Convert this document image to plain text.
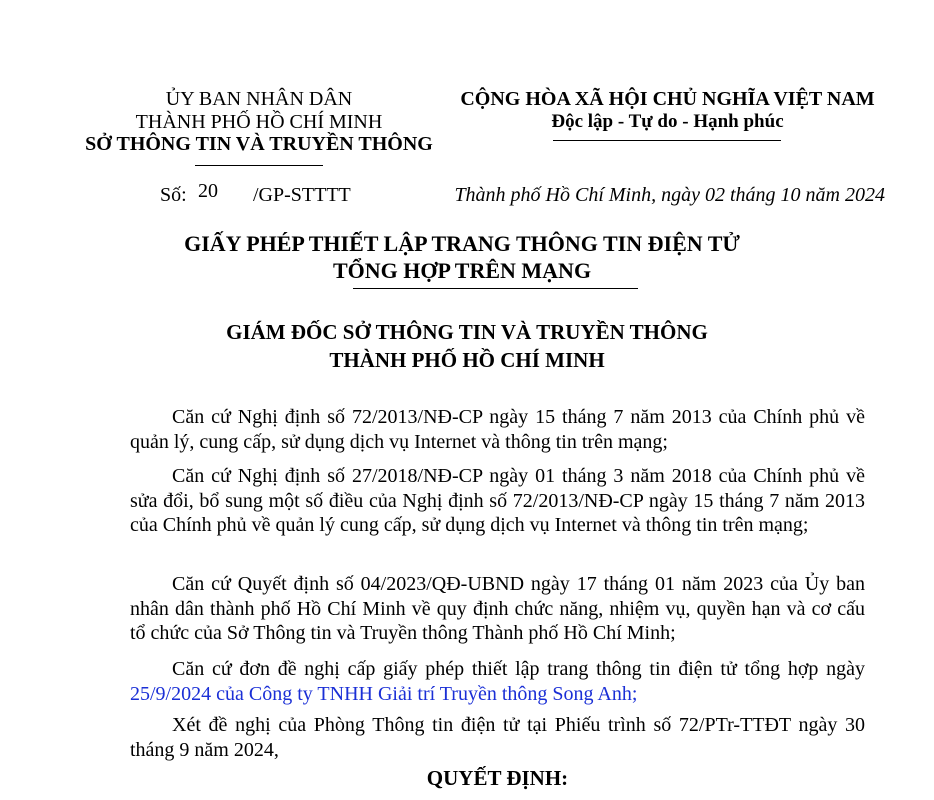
ỦY BAN NHÂN DÂN
THÀNH PHỐ HỒ CHÍ MINH
SỞ THÔNG TIN VÀ TRUYỀN THÔNG
CỘNG HÒA XÃ HỘI CHỦ NGHĨA VIỆT NAM
Độc lập - Tự do - Hạnh phúc
Số: 20 /GP-STTTT	Thành phố Hồ Chí Minh, ngày 02 tháng 10 năm 2024
GIẤY PHÉP THIẾT LẬP TRANG THÔNG TIN ĐIỆN TỬ
TỔNG HỢP TRÊN MẠNG
GIÁM ĐỐC SỞ THÔNG TIN VÀ TRUYỀN THÔNG
THÀNH PHỐ HỒ CHÍ MINH

Căn cứ Nghị định số 72/2013/NĐ-CP ngày 15 tháng 7 năm 2013 của Chính phủ về quản lý, cung cấp, sử dụng dịch vụ Internet và thông tin trên mạng;

Căn cứ Nghị định số 27/2018/NĐ-CP ngày 01 tháng 3 năm 2018 của Chính phủ về sửa đổi, bổ sung một số điều của Nghị định số 72/2013/NĐ-CP ngày 15 tháng 7 năm 2013 của Chính phủ về quản lý cung cấp, sử dụng dịch vụ Internet và thông tin trên mạng;

Căn cứ Quyết định số 04/2023/QĐ-UBND ngày 17 tháng 01 năm 2023 của Ủy ban nhân dân thành phố Hồ Chí Minh về quy định chức năng, nhiệm vụ, quyền hạn và cơ cấu tổ chức của Sở Thông tin và Truyền thông Thành phố Hồ Chí Minh;

Căn cứ đơn đề nghị cấp giấy phép thiết lập trang thông tin điện tử tổng hợp ngày 25/9/2024 của Công ty TNHH Giải trí Truyền thông Song Anh;

Xét đề nghị của Phòng Thông tin điện tử tại Phiếu trình số 72/PTr-TTĐT ngày 30 tháng 9 năm 2024,

QUYẾT ĐỊNH:
